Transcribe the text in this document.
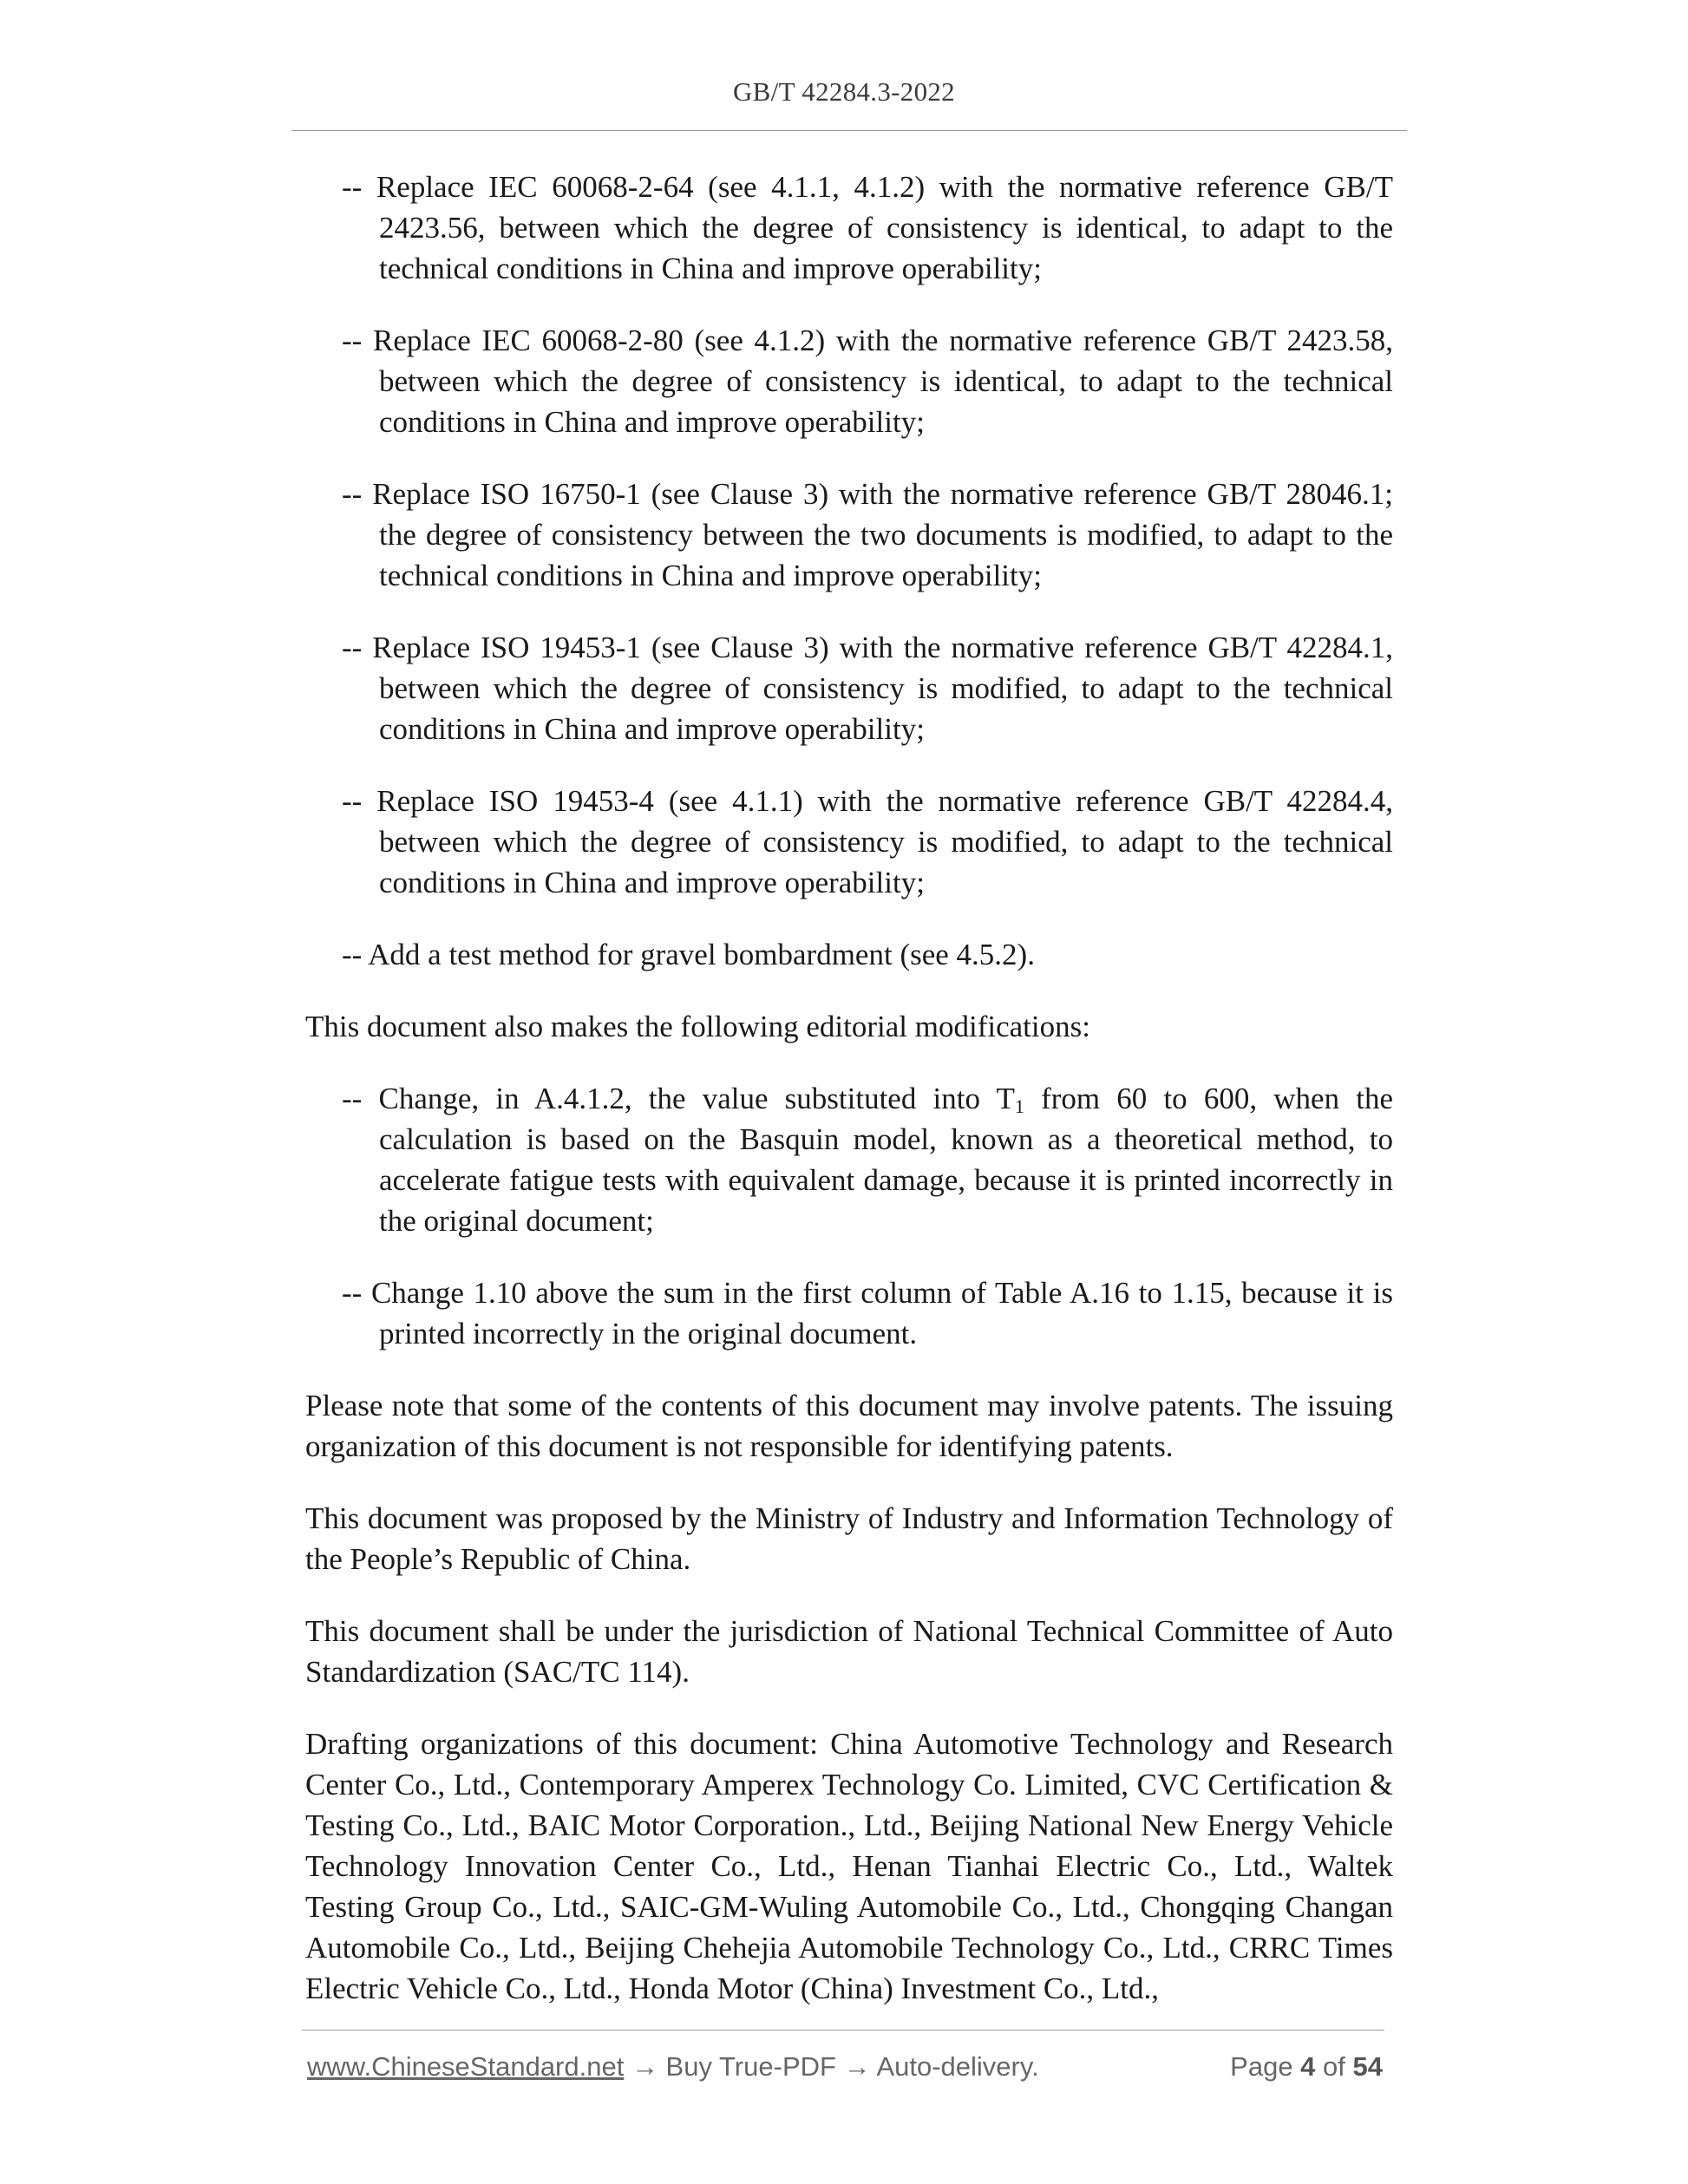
GB/T 42284.3-2022
-- Replace IEC 60068-2-64 (see 4.1.1, 4.1.2) with the normative reference GB/T 2423.56, between which the degree of consistency is identical, to adapt to the technical conditions in China and improve operability;
-- Replace IEC 60068-2-80 (see 4.1.2) with the normative reference GB/T 2423.58, between which the degree of consistency is identical, to adapt to the technical conditions in China and improve operability;
-- Replace ISO 16750-1 (see Clause 3) with the normative reference GB/T 28046.1; the degree of consistency between the two documents is modified, to adapt to the technical conditions in China and improve operability;
-- Replace ISO 19453-1 (see Clause 3) with the normative reference GB/T 42284.1, between which the degree of consistency is modified, to adapt to the technical conditions in China and improve operability;
-- Replace ISO 19453-4 (see 4.1.1) with the normative reference GB/T 42284.4, between which the degree of consistency is modified, to adapt to the technical conditions in China and improve operability;
-- Add a test method for gravel bombardment (see 4.5.2).
This document also makes the following editorial modifications:
-- Change, in A.4.1.2, the value substituted into $T_1$ from 60 to 600, when the calculation is based on the Basquin model, known as a theoretical method, to accelerate fatigue tests with equivalent damage, because it is printed incorrectly in the original document;
-- Change 1.10 above the sum in the first column of Table A.16 to 1.15, because it is printed incorrectly in the original document.
Please note that some of the contents of this document may involve patents. The issuing organization of this document is not responsible for identifying patents.
This document was proposed by the Ministry of Industry and Information Technology of the People’s Republic of China.
This document shall be under the jurisdiction of National Technical Committee of Auto Standardization (SAC/TC 114).
Drafting organizations of this document: China Automotive Technology and Research Center Co., Ltd., Contemporary Amperex Technology Co. Limited, CVC Certification & Testing Co., Ltd., BAIC Motor Corporation., Ltd., Beijing National New Energy Vehicle Technology Innovation Center Co., Ltd., Henan Tianhai Electric Co., Ltd., Waltek Testing Group Co., Ltd., SAIC-GM-Wuling Automobile Co., Ltd., Chongqing Changan Automobile Co., Ltd., Beijing Chehejia Automobile Technology Co., Ltd., CRRC Times Electric Vehicle Co., Ltd., Honda Motor (China) Investment Co., Ltd.,
www.ChineseStandard.net → Buy True-PDF → Auto-delivery.	Page 4 of 54
